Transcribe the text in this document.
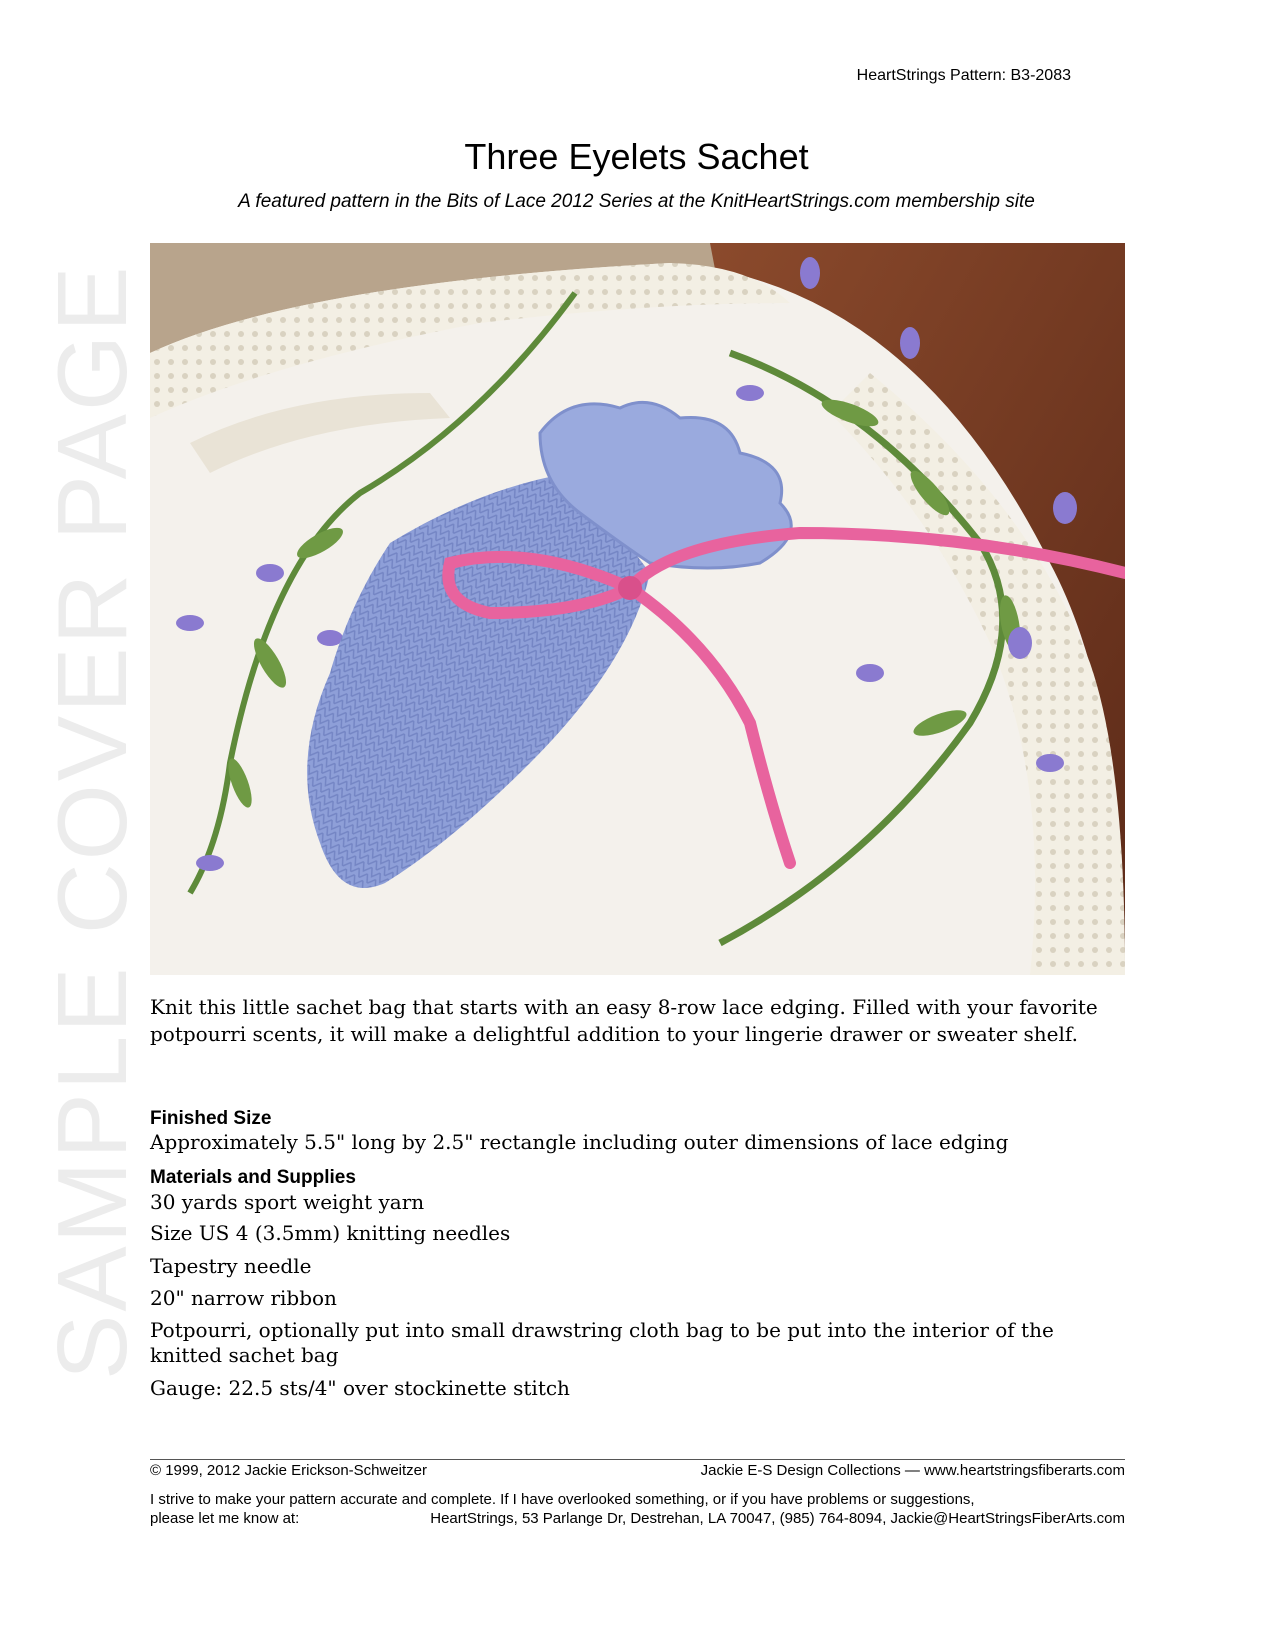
HeartStrings Pattern: B3-2083
SAMPLE COVER PAGE
Three Eyelets Sachet
A featured pattern in the Bits of Lace 2012 Series at the KnitHeartStrings.com membership site
Knit this little sachet bag that starts with an easy 8-row lace edging. Filled with your favorite potpourri scents, it will make a delightful addition to your lingerie drawer or sweater shelf.
Finished Size
Approximately 5.5" long by 2.5" rectangle including outer dimensions of lace edging
Materials and Supplies
30 yards sport weight yarn
Size US 4 (3.5mm) knitting needles
Tapestry needle
20" narrow ribbon
Potpourri, optionally put into small drawstring cloth bag to be put into the interior of the knitted sachet bag
Gauge: 22.5 sts/4" over stockinette stitch
© 1999, 2012 Jackie Erickson-Schweitzer	Jackie E-S Design Collections — www.heartstringsfiberarts.com
I strive to make your pattern accurate and complete. If I have overlooked something, or if you have problems or suggestions,
please let me know at:	HeartStrings, 53 Parlange Dr, Destrehan, LA 70047, (985) 764-8094, Jackie@HeartStringsFiberArts.com
